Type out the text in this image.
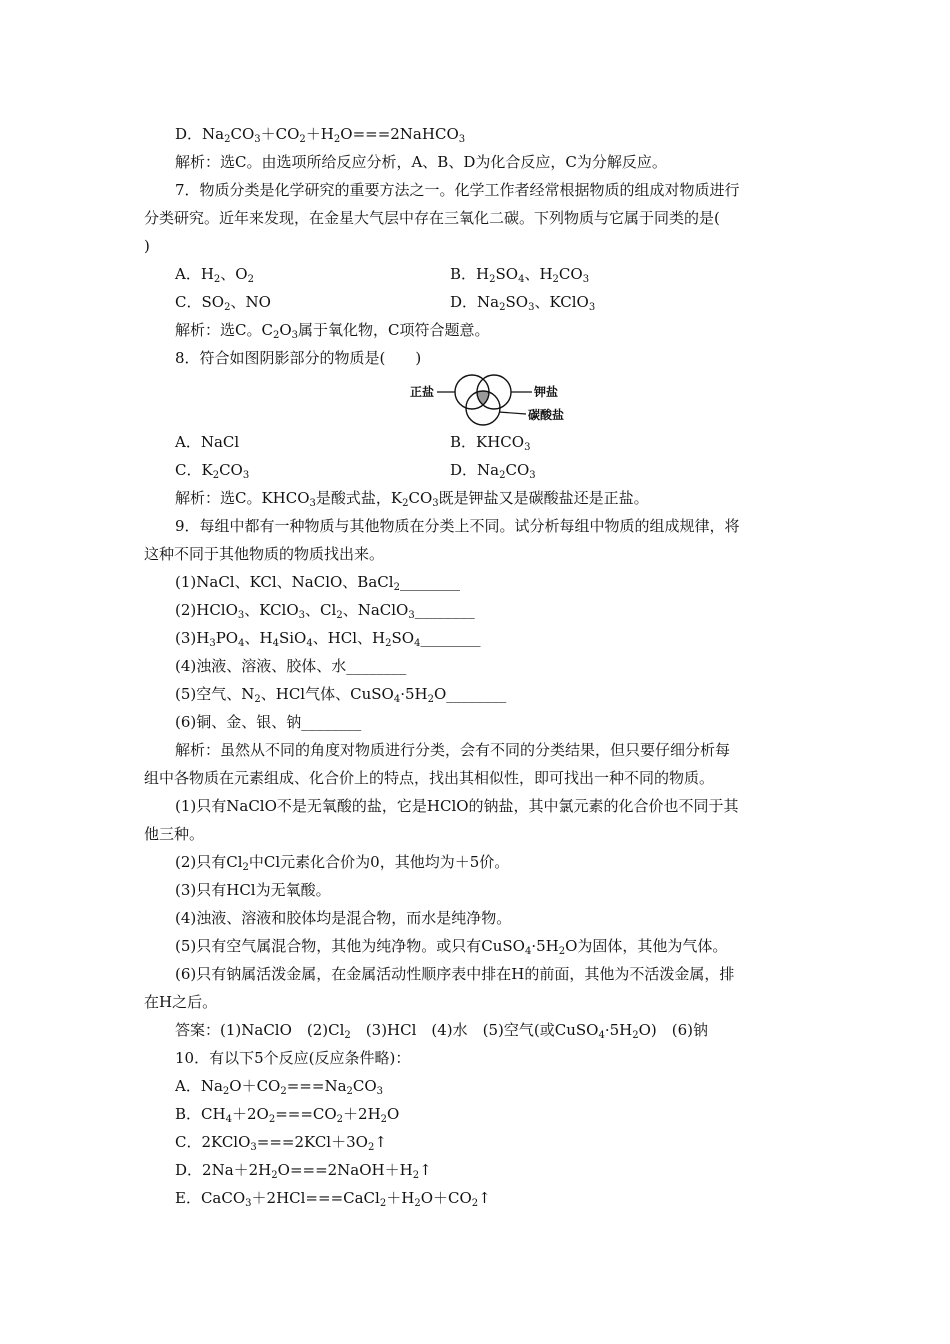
D．$Na_2CO_3+CO_2+H_2O===2NaHCO_3$
解析：选C。由选项所给反应分析，A、B、D为化合反应，C为分解反应。
7．物质分类是化学研究的重要方法之一。化学工作者经常根据物质的组成对物质进行
分类研究。近年来发现，在金星大气层中存在三氧化二碳。下列物质与它属于同类的是(
)
A．$H_2$、$O_2$	B．$H_2SO_4$、$H_2CO_3$
C．$SO_2$、NO	D．$Na_2SO_3$、KClO$_3$
解析：选C。$C_2O_3$属于氧化物，C项符合题意。
8．符合如图阴影部分的物质是(　　)
正盐	钾盐
碳酸盐
A．NaCl	B．$KHCO_3$
C．$K_2CO_3$	D．$Na_2CO_3$
解析：选C。$KHCO_3$是酸式盐，$K_2CO_3$既是钾盐又是碳酸盐还是正盐。
9．每组中都有一种物质与其他物质在分类上不同。试分析每组中物质的组成规律，将
这种不同于其他物质的物质找出来。
(1)NaCl、KCl、NaClO、BaCl$_2$________
(2)HClO$_3$、KClO$_3$、$Cl_2$、NaClO$_3$________
$(3)H_3PO_4$、$H_4SiO_4$、HCl、$H_2SO_4\_\_\_\_\_\_\_\_$
(4)浊液、溶液、胶体、水________
(5)空气、$N_2$、HCl气体、$CuSO_4\cdot 5H_2O\_\_\_\_\_\_\_\_$
(6)铜、金、银、钠________
解析：虽然从不同的角度对物质进行分类，会有不同的分类结果，但只要仔细分析每
组中各物质在元素组成、化合价上的特点，找出其相似性，即可找出一种不同的物质。
(1)只有NaClO不是无氧酸的盐，它是HClO的钠盐，其中氯元素的化合价也不同于其
他三种。
(2)只有$Cl_2$中Cl元素化合价为0，其他均为＋5价。
(3)只有HCl为无氧酸。
(4)浊液、溶液和胶体均是混合物，而水是纯净物。
(5)只有空气属混合物，其他为纯净物。或只有$CuSO_4\cdot 5H_2O$为固体，其他为气体。
(6)只有钠属活泼金属，在金属活动性顺序表中排在H的前面，其他为不活泼金属，排
在H之后。
答案：(1)NaClO　$(2)Cl_2$　(3)HCl　(4)水　(5)空气(或$CuSO_4\cdot 5H_2O$)　(6)钠
10．有以下5个反应(反应条件略)：
A．$Na_2O+CO_2===Na_2CO_3$
B．$CH_4+2O_2===CO_2+2H_2O$
C．$2KClO_3===2KCl+3O_2↑$
D．$2Na+2H_2O===2NaOH+H_2↑$
E．$CaCO_3+2HCl===CaCl_2+H_2O+CO_2↑$
